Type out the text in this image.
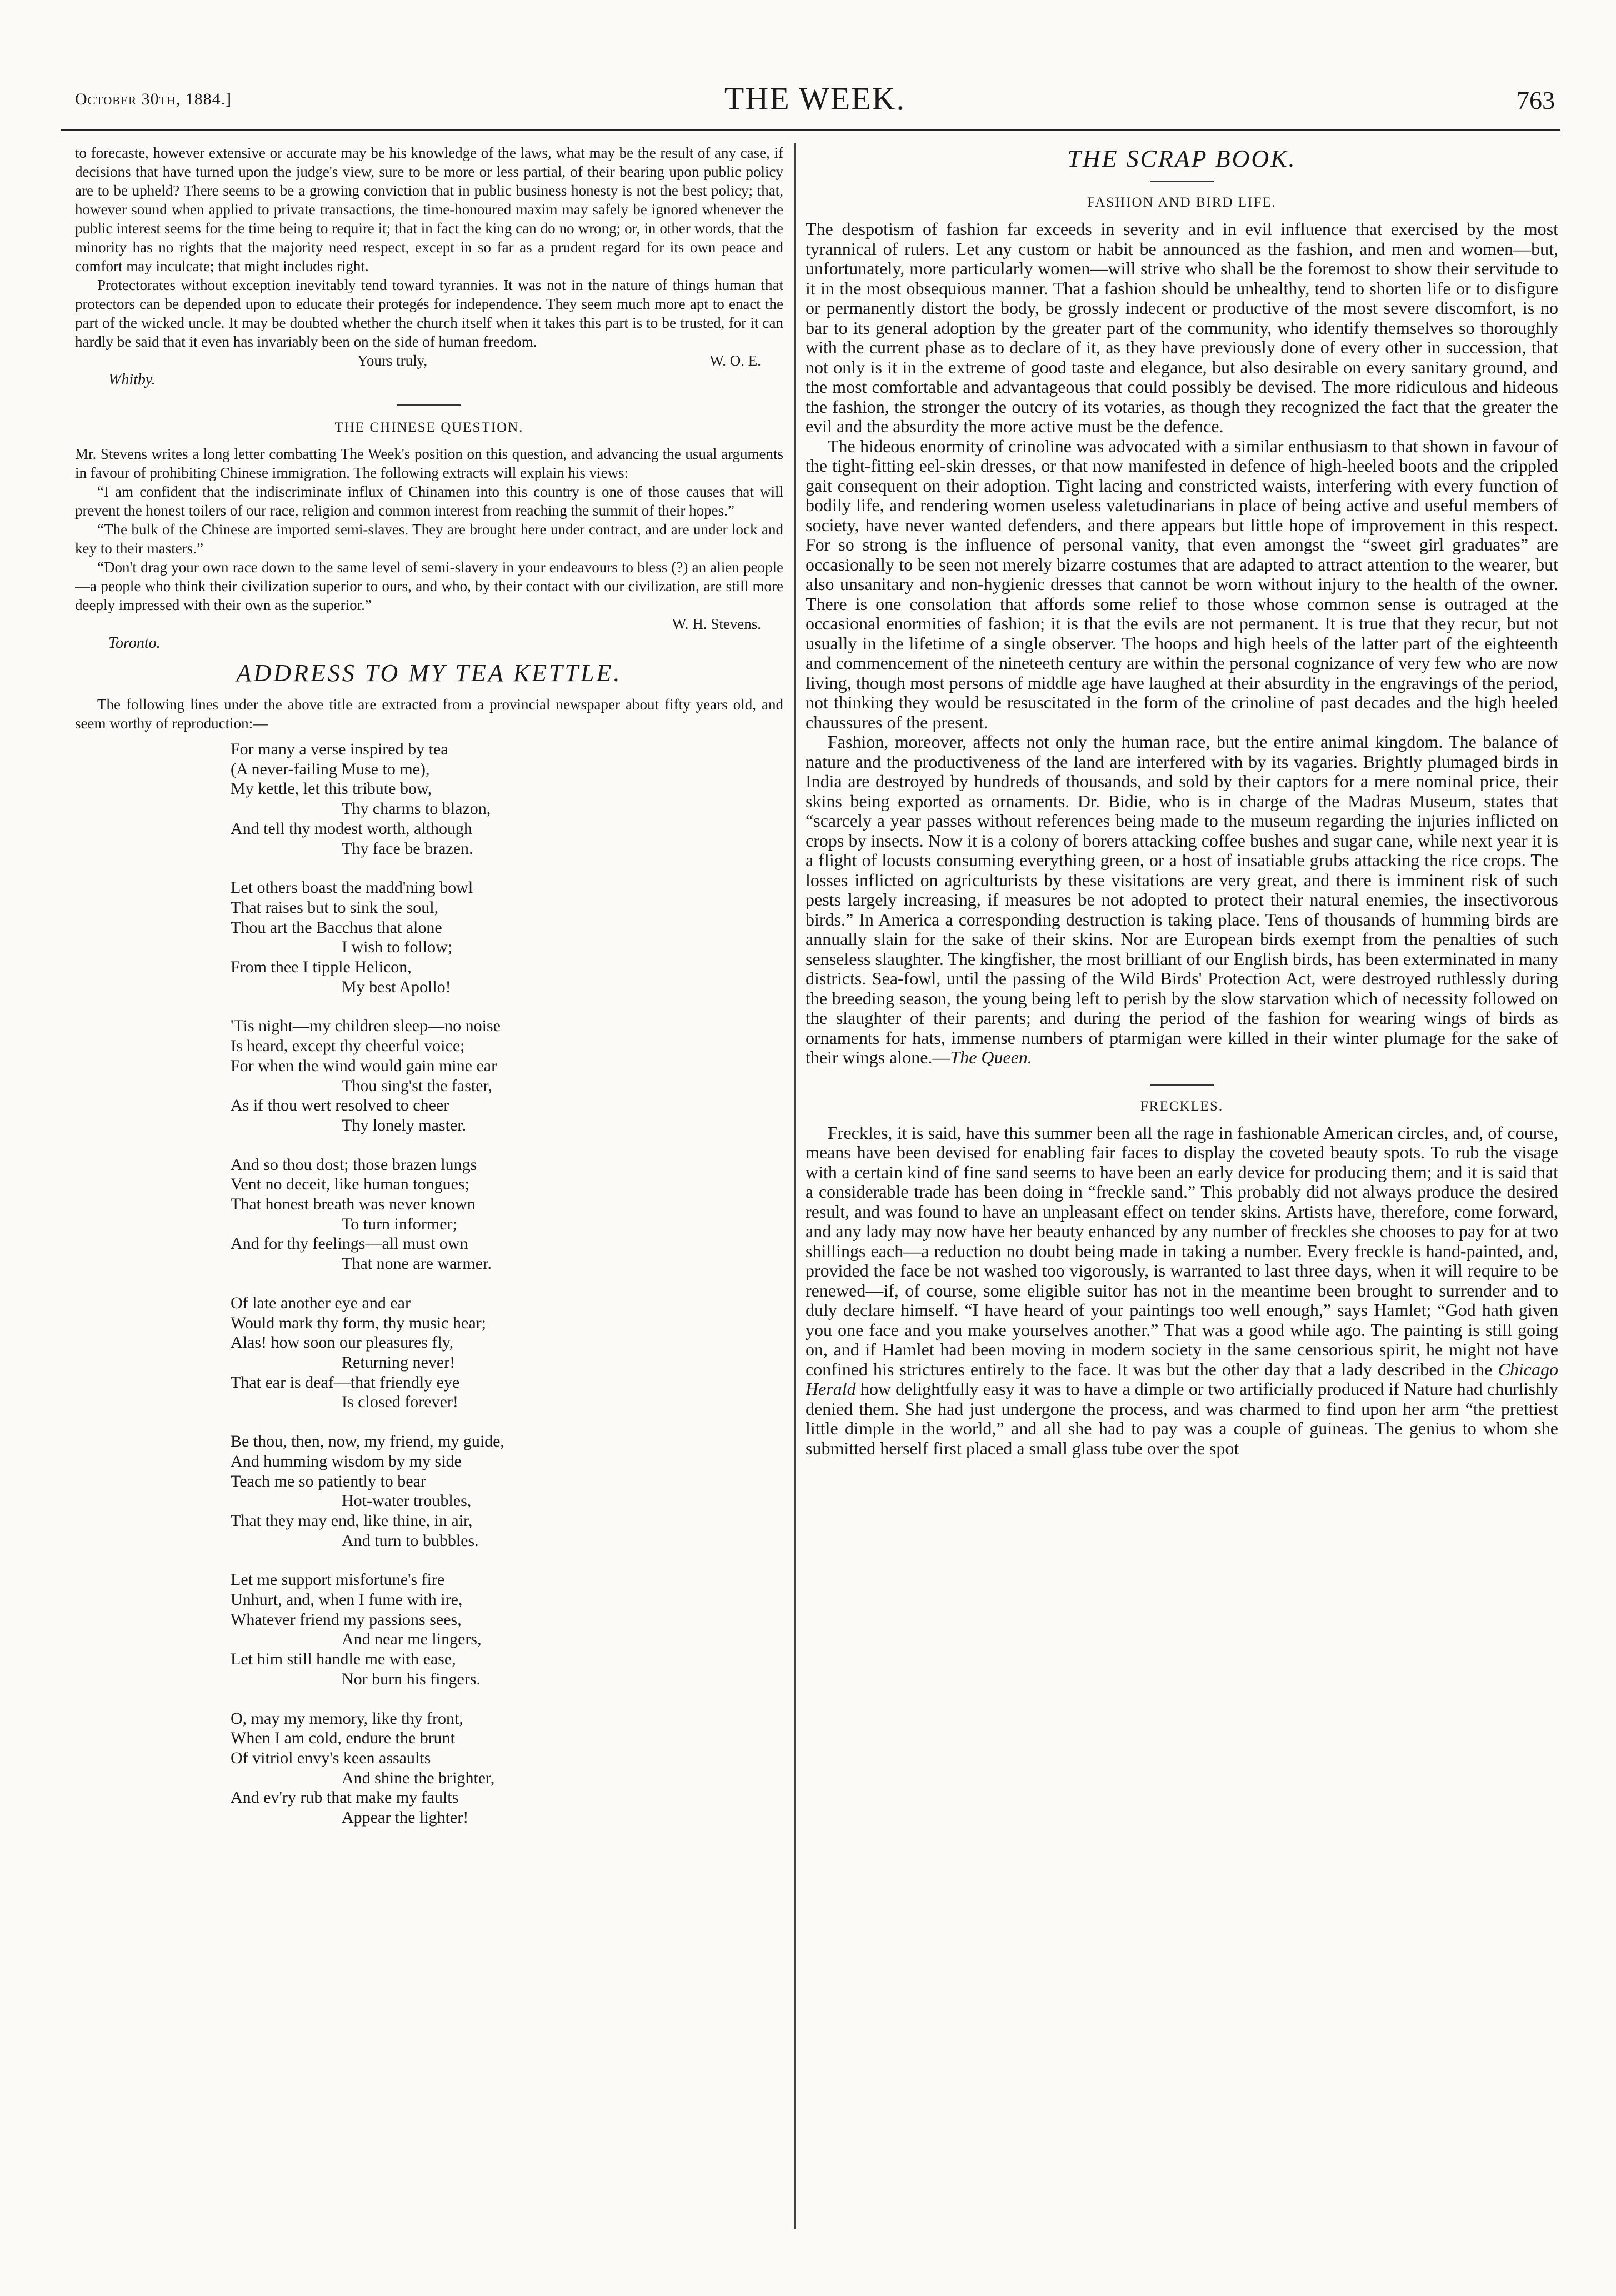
October 30th, 1884.]	THE WEEK.	763

to forecaste, however extensive or accurate may be his knowledge of the laws, what may be the result of any case, if decisions that have turned upon the judge's view, sure to be more or less partial, of their bearing upon public policy are to be upheld? There seems to be a growing conviction that in public business honesty is not the best policy; that, however sound when applied to private transactions, the time-honoured maxim may safely be ignored whenever the public interest seems for the time being to require it; that in fact the king can do no wrong; or, in other words, that the minority has no rights that the majority need respect, except in so far as a prudent regard for its own peace and comfort may inculcate; that might includes right.

Protectorates without exception inevitably tend toward tyrannies. It was not in the nature of things human that protectors can be depended upon to educate their protegés for independence. They seem much more apt to enact the part of the wicked uncle. It may be doubted whether the church itself when it takes this part is to be trusted, for it can hardly be said that it even has invariably been on the side of human freedom.

Yours truly,	W. O. E.
Whitby.
THE CHINESE QUESTION.

Mr. Stevens writes a long letter combatting The Week's position on this question, and advancing the usual arguments in favour of prohibiting Chinese immigration. The following extracts will explain his views:

“I am confident that the indiscriminate influx of Chinamen into this country is one of those causes that will prevent the honest toilers of our race, religion and common interest from reaching the summit of their hopes.”

“The bulk of the Chinese are imported semi-slaves. They are brought here under contract, and are under lock and key to their masters.”

“Don't drag your own race down to the same level of semi-slavery in your endeavours to bless (?) an alien people—a people who think their civilization superior to ours, and who, by their contact with our civilization, are still more deeply impressed with their own as the superior.”

W. H. Stevens.
Toronto.
ADDRESS TO MY TEA KETTLE.

The following lines under the above title are extracted from a provincial newspaper about fifty years old, and seem worthy of reproduction:—

For many a verse inspired by tea
(A never-failing Muse to me),
My kettle, let this tribute bow,
Thy charms to blazon,
And tell thy modest worth, although
Thy face be brazen.
Let others boast the madd'ning bowl
That raises but to sink the soul,
Thou art the Bacchus that alone
I wish to follow;
From thee I tipple Helicon,
My best Apollo!
'Tis night—my children sleep—no noise
Is heard, except thy cheerful voice;
For when the wind would gain mine ear
Thou sing'st the faster,
As if thou wert resolved to cheer
Thy lonely master.
And so thou dost; those brazen lungs
Vent no deceit, like human tongues;
That honest breath was never known
To turn informer;
And for thy feelings—all must own
That none are warmer.
Of late another eye and ear
Would mark thy form, thy music hear;
Alas! how soon our pleasures fly,
Returning never!
That ear is deaf—that friendly eye
Is closed forever!
Be thou, then, now, my friend, my guide,
And humming wisdom by my side
Teach me so patiently to bear
Hot-water troubles,
That they may end, like thine, in air,
And turn to bubbles.
Let me support misfortune's fire
Unhurt, and, when I fume with ire,
Whatever friend my passions sees,
And near me lingers,
Let him still handle me with ease,
Nor burn his fingers.
O, may my memory, like thy front,
When I am cold, endure the brunt
Of vitriol envy's keen assaults
And shine the brighter,
And ev'ry rub that make my faults
Appear the lighter!
THE SCRAP BOOK.
FASHION AND BIRD LIFE.

The despotism of fashion far exceeds in severity and in evil influence that exercised by the most tyrannical of rulers. Let any custom or habit be announced as the fashion, and men and women—but, unfortunately, more particularly women—will strive who shall be the foremost to show their servitude to it in the most obsequious manner. That a fashion should be unhealthy, tend to shorten life or to disfigure or permanently distort the body, be grossly indecent or productive of the most severe discomfort, is no bar to its general adoption by the greater part of the community, who identify themselves so thoroughly with the current phase as to declare of it, as they have previously done of every other in succession, that not only is it in the extreme of good taste and elegance, but also desirable on every sanitary ground, and the most comfortable and advantageous that could possibly be devised. The more ridiculous and hideous the fashion, the stronger the outcry of its votaries, as though they recognized the fact that the greater the evil and the absurdity the more active must be the defence.

The hideous enormity of crinoline was advocated with a similar enthusiasm to that shown in favour of the tight-fitting eel-skin dresses, or that now manifested in defence of high-heeled boots and the crippled gait consequent on their adoption. Tight lacing and constricted waists, interfering with every function of bodily life, and rendering women useless valetudinarians in place of being active and useful members of society, have never wanted defenders, and there appears but little hope of improvement in this respect. For so strong is the influence of personal vanity, that even amongst the “sweet girl graduates” are occasionally to be seen not merely bizarre costumes that are adapted to attract attention to the wearer, but also unsanitary and non-hygienic dresses that cannot be worn without injury to the health of the owner. There is one consolation that affords some relief to those whose common sense is outraged at the occasional enormities of fashion; it is that the evils are not permanent. It is true that they recur, but not usually in the lifetime of a single observer. The hoops and high heels of the latter part of the eighteenth and commencement of the nineteeth century are within the personal cognizance of very few who are now living, though most persons of middle age have laughed at their absurdity in the engravings of the period, not thinking they would be resuscitated in the form of the crinoline of past decades and the high heeled chaussures of the present.

Fashion, moreover, affects not only the human race, but the entire animal kingdom. The balance of nature and the productiveness of the land are interfered with by its vagaries. Brightly plumaged birds in India are destroyed by hundreds of thousands, and sold by their captors for a mere nominal price, their skins being exported as ornaments. Dr. Bidie, who is in charge of the Madras Museum, states that “scarcely a year passes without references being made to the museum regarding the injuries inflicted on crops by insects. Now it is a colony of borers attacking coffee bushes and sugar cane, while next year it is a flight of locusts consuming everything green, or a host of insatiable grubs attacking the rice crops. The losses inflicted on agriculturists by these visitations are very great, and there is imminent risk of such pests largely increasing, if measures be not adopted to protect their natural enemies, the insectivorous birds.” In America a corresponding destruction is taking place. Tens of thousands of humming birds are annually slain for the sake of their skins. Nor are European birds exempt from the penalties of such senseless slaughter. The kingfisher, the most brilliant of our English birds, has been exterminated in many districts. Sea-fowl, until the passing of the Wild Birds' Protection Act, were destroyed ruthlessly during the breeding season, the young being left to perish by the slow starvation which of necessity followed on the slaughter of their parents; and during the period of the fashion for wearing wings of birds as ornaments for hats, immense numbers of ptarmigan were killed in their winter plumage for the sake of their wings alone.—The Queen.

FRECKLES.

Freckles, it is said, have this summer been all the rage in fashionable American circles, and, of course, means have been devised for enabling fair faces to display the coveted beauty spots. To rub the visage with a certain kind of fine sand seems to have been an early device for producing them; and it is said that a considerable trade has been doing in “freckle sand.” This probably did not always produce the desired result, and was found to have an unpleasant effect on tender skins. Artists have, therefore, come forward, and any lady may now have her beauty enhanced by any number of freckles she chooses to pay for at two shillings each—a reduction no doubt being made in taking a number. Every freckle is hand-painted, and, provided the face be not washed too vigorously, is warranted to last three days, when it will require to be renewed—if, of course, some eligible suitor has not in the meantime been brought to surrender and to duly declare himself. “I have heard of your paintings too well enough,” says Hamlet; “God hath given you one face and you make yourselves another.” That was a good while ago. The painting is still going on, and if Hamlet had been moving in modern society in the same censorious spirit, he might not have confined his strictures entirely to the face. It was but the other day that a lady described in the Chicago Herald how delightfully easy it was to have a dimple or two artificially produced if Nature had churlishly denied them. She had just undergone the process, and was charmed to find upon her arm “the prettiest little dimple in the world,” and all she had to pay was a couple of guineas. The genius to whom she submitted herself first placed a small glass tube over the spot
